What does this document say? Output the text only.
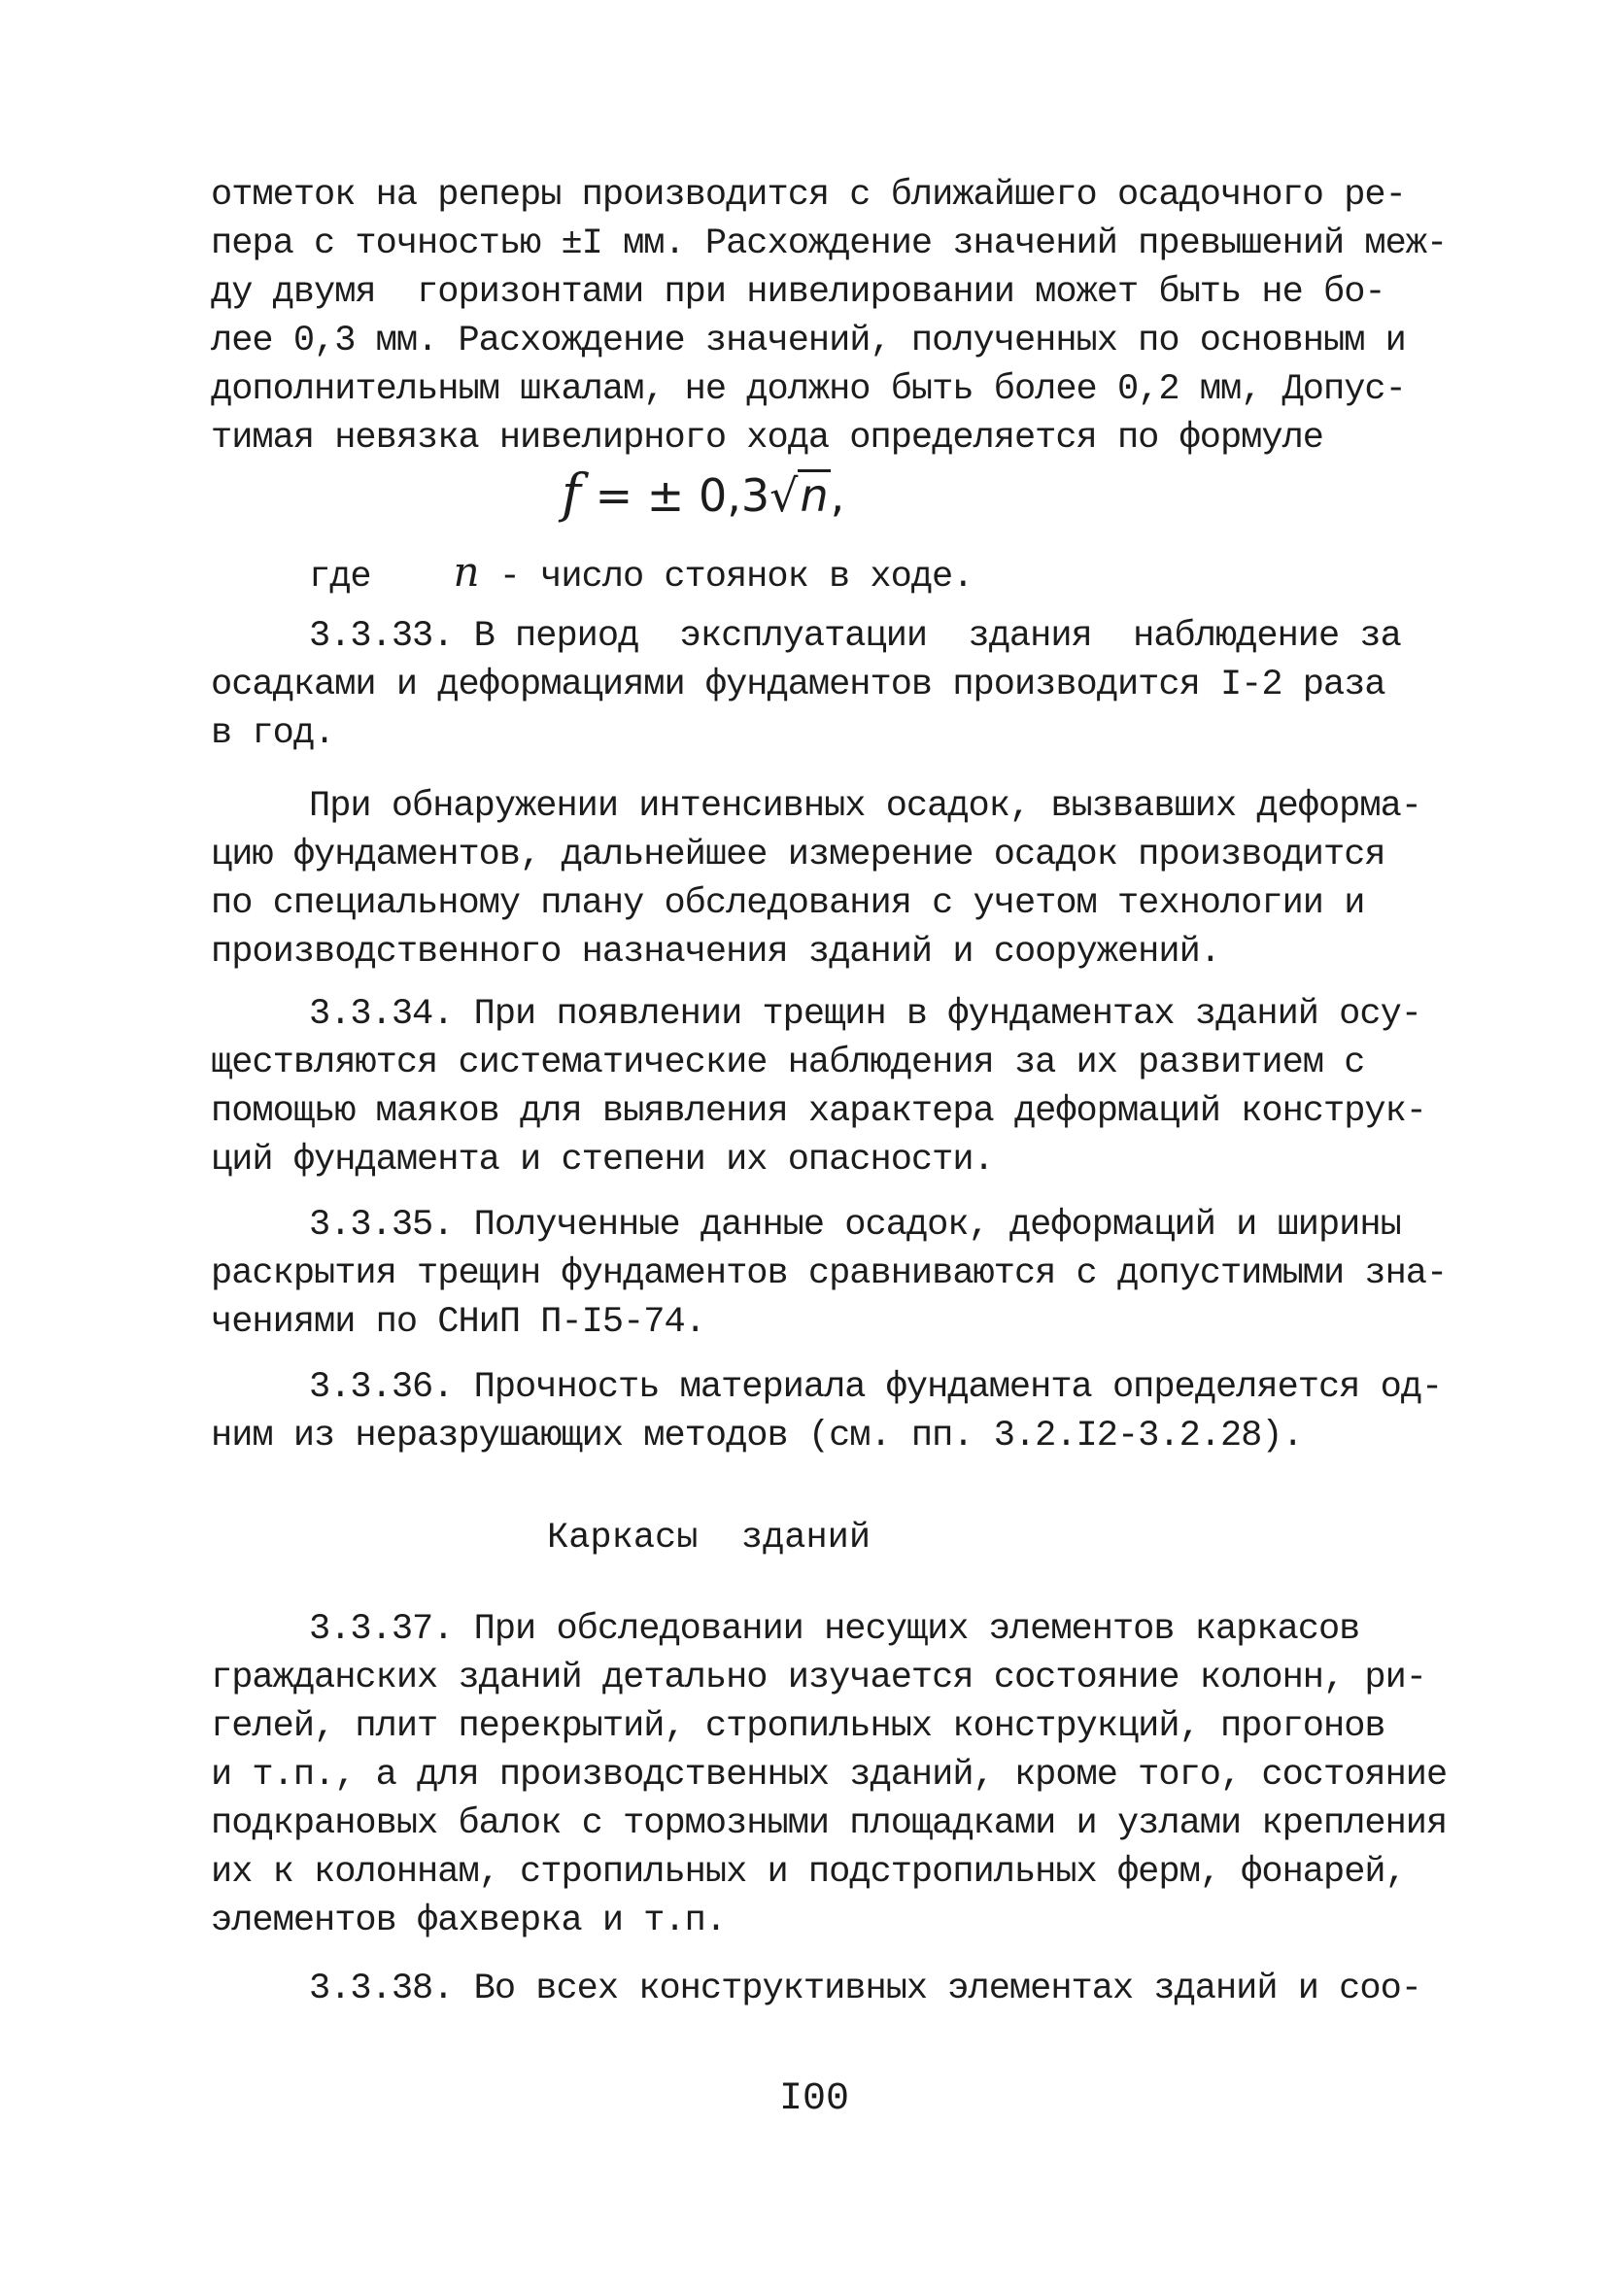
отметок на реперы производится с ближайшего осадочного ре-
пера с точностью ±I мм. Расхождение значений превышений меж-
ду двумя  горизонтами при нивелировании может быть не бо-
лее 0,3 мм. Расхождение значений, полученных по основным и
дополнительным шкалам, не должно быть более 0,2 мм, Допус-
тимая невязка нивелирного хода определяется по формуле
f = ± 0,3√n,
где n - число стоянок в ходе.
3.3.33. В период  эксплуатации  здания  наблюдение за
осадками и деформациями фундаментов производится I-2 раза
в год.
При обнаружении интенсивных осадок, вызвавших деформа-
цию фундаментов, дальнейшее измерение осадок производится
по специальному плану обследования с учетом технологии и
производственного назначения зданий и сооружений.
3.3.34. При появлении трещин в фундаментах зданий осу-
ществляются систематические наблюдения за их развитием с
помощью маяков для выявления характера деформаций конструк-
ций фундамента и степени их опасности.
3.3.35. Полученные данные осадок, деформаций и ширины
раскрытия трещин фундаментов сравниваются с допустимыми зна-
чениями по СНиП П-I5-74.
3.3.36. Прочность материала фундамента определяется од-
ним из неразрушающих методов (см. пп. 3.2.I2-3.2.28).
Каркасы  зданий
3.3.37. При обследовании несущих элементов каркасов
гражданских зданий детально изучается состояние колонн, ри-
гелей, плит перекрытий, стропильных конструкций, прогонов
и т.п., а для производственных зданий, кроме того, состояние
подкрановых балок с тормозными площадками и узлами крепления
их к колоннам, стропильных и подстропильных ферм, фонарей,
элементов фахверка и т.п.
3.3.38. Во всех конструктивных элементах зданий и соо-
I00
